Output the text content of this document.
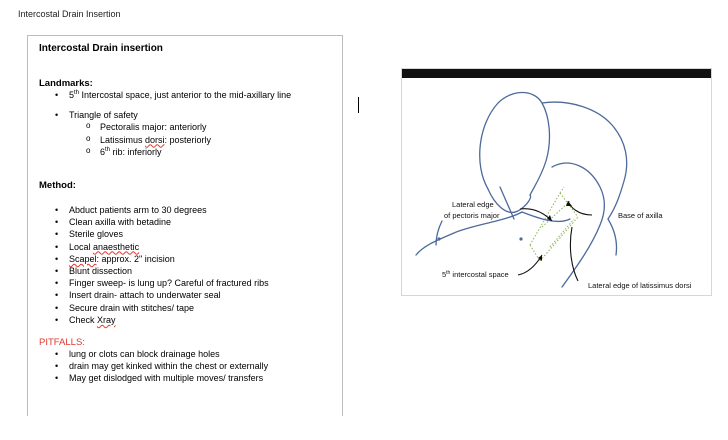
Intercostal Drain Insertion
Intercostal Drain insertion
Landmarks:
• 5th Intercostal space, just anterior to the mid-axillary line
• Triangle of safety
o Pectoralis major: anteriorly
o Latissimus dorsi: posteriorly
o 6th rib: inferiorly
Method:
• Abduct patients arm to 30 degrees
• Clean axilla with betadine
• Sterile gloves
• Local anaesthetic
• Scapel: approx. 2" incision
• Blunt dissection
• Finger sweep- is lung up? Careful of fractured ribs
• Insert drain- attach to underwater seal
• Secure drain with stitches/ tape
• Check Xray
PITFALLS:
• lung or clots can block drainage holes
• drain may get kinked within the chest or externally
• May get dislodged with multiple moves/ transfers
Lateral edge
of pectoris major	Base of axilla
5th intercostal space
Lateral edge of latissimus dorsi
